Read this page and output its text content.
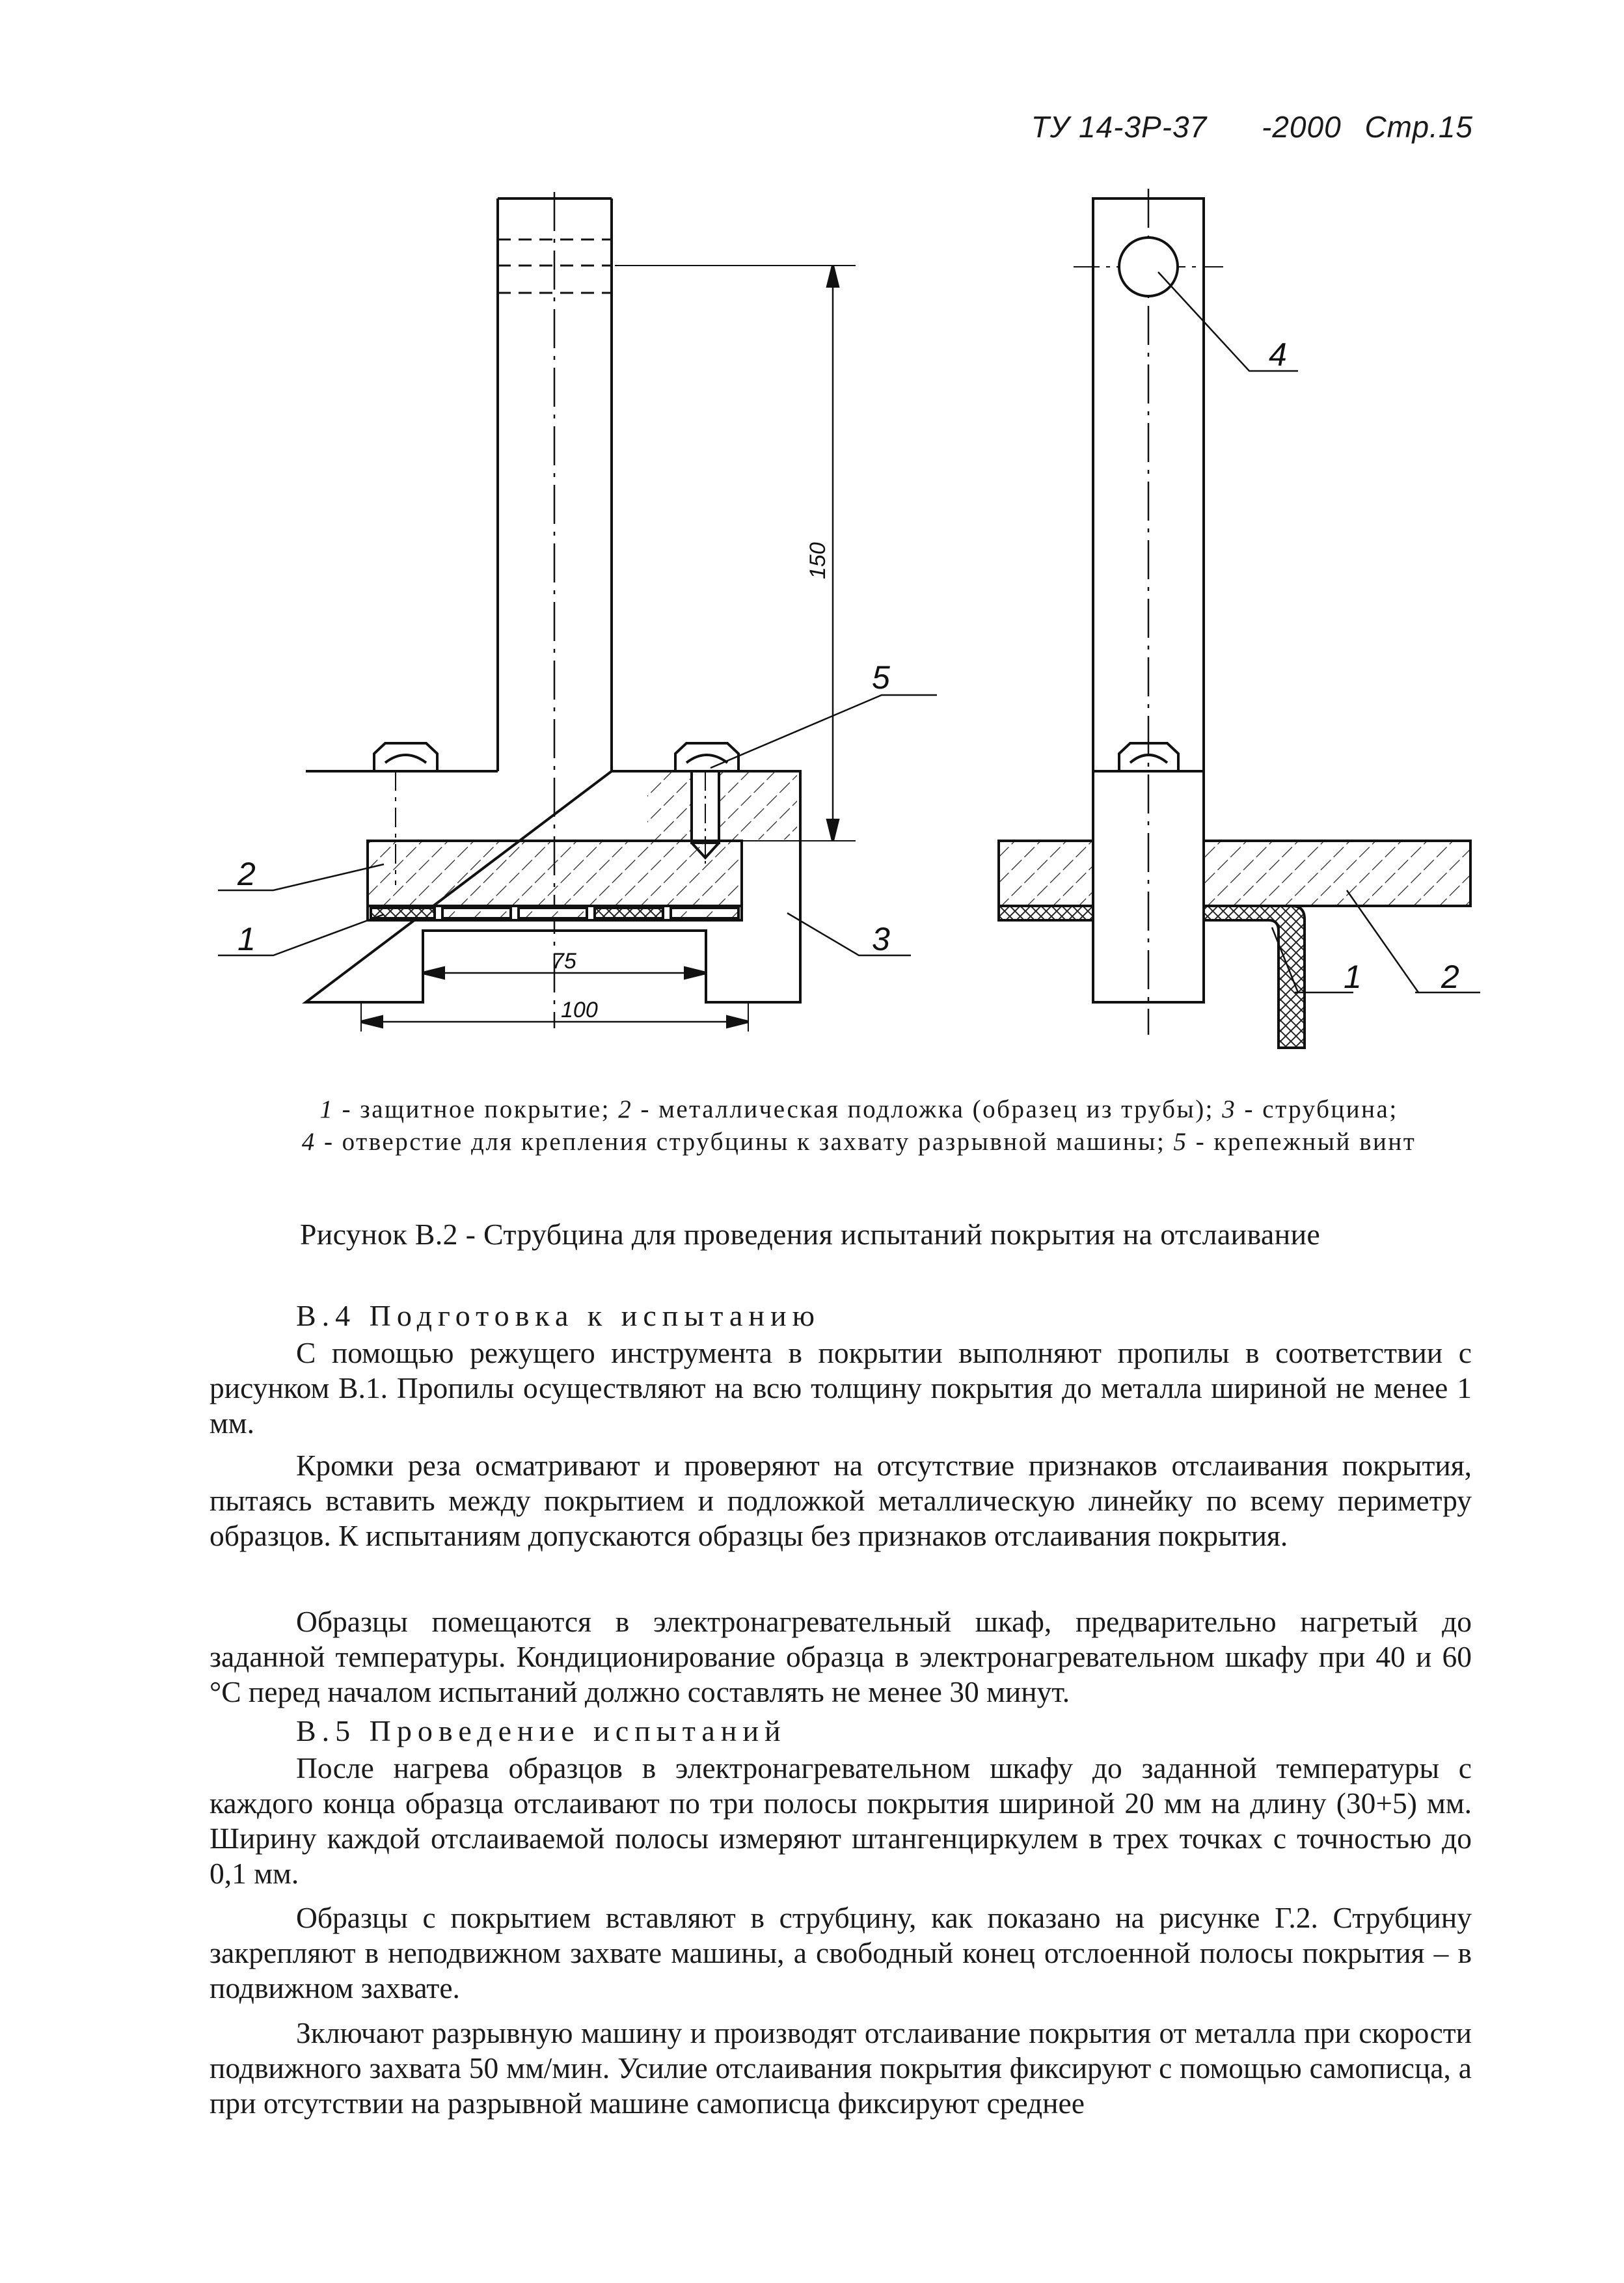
ТУ 14-3Р-37 -2000 Стр.15
150
75
100
2
1	3
5
4
1 2
1 - защитное покрытие; 2 - металлическая подложка (образец из трубы); 3 - струбцина;
4 - отверстие для крепления струбцины к захвату разрывной машины; 5 - крепежный винт
Рисунок В.2 - Струбцина для проведения испытаний покрытия на отслаивание
В.4 Подготовка к испытанию

С помощью режущего инструмента в покрытии выполняют пропилы в соответствии с рисунком В.1. Пропилы осуществляют на всю толщину покрытия до металла шириной не менее 1 мм.

Кромки реза осматривают и проверяют на отсутствие признаков отслаивания покрытия, пытаясь вставить между покрытием и подложкой металлическую линейку по всему периметру образцов. К испытаниям допускаются образцы без признаков отслаивания покрытия.

Образцы помещаются в электронагревательный шкаф, предварительно нагретый до заданной температуры. Кондиционирование образца в электронагревательном шкафу при 40 и 60 °С перед началом испытаний должно составлять не менее 30 минут.

В.5 Проведение испытаний

После нагрева образцов в электронагревательном шкафу до заданной температуры с каждого конца образца отслаивают по три полосы покрытия шириной 20 мм на длину (30+5) мм. Ширину каждой отслаиваемой полосы измеряют штангенциркулем в трех точках с точностью до 0,1 мм.

Образцы с покрытием вставляют в струбцину, как показано на рисунке Г.2. Струбцину закрепляют в неподвижном захвате машины, а свободный конец отслоенной полосы покрытия – в подвижном захвате.

Зключают разрывную машину и производят отслаивание покрытия от металла при скорости подвижного захвата 50 мм/мин. Усилие отслаивания покрытия фиксируют с помощью самописца, а при отсутствии на разрывной машине самописца фиксируют среднее
